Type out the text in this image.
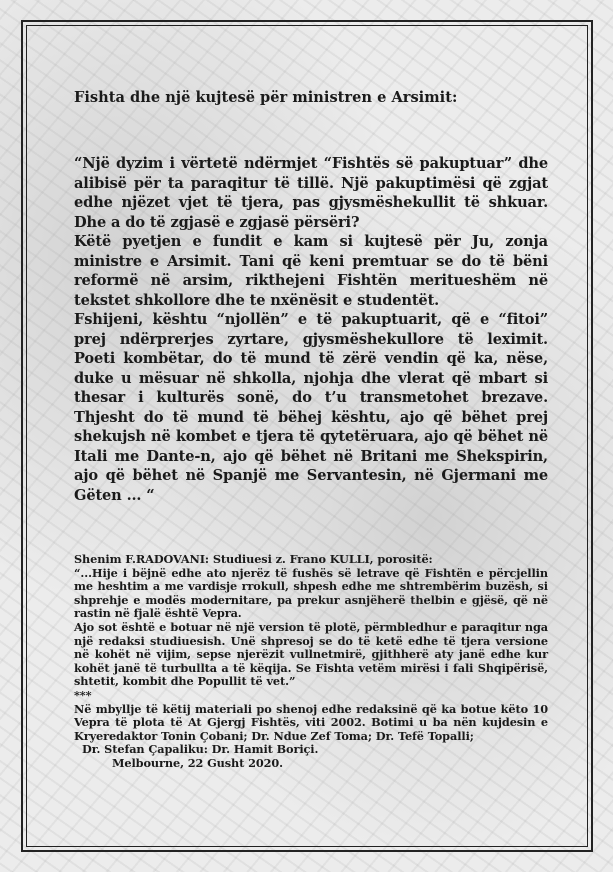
Fishta dhe një kujtesë për ministren e Arsimit:

“Një dyzim i vërtetë ndërmjet “Fishtës së pakuptuar” dhe alibisë për ta paraqitur të tillë. Një pakuptimësi që zgjat edhe njëzet vjet të tjera, pas gjysmëshekullit të shkuar. Dhe a do të zgjasë e zgjasë përsëri?

Këtë pyetjen e fundit e kam si kujtesë për Ju, zonja ministre e Arsimit. Tani që keni premtuar se do të bëni reformë në arsim, rikthejeni Fishtën meritueshëm në tekstet shkollore dhe te nxënësit e studentët.

Fshijeni, kështu “njollën” e të pakuptuarit, që e “fitoi” prej ndërprerjes zyrtare, gjysmëshekullore të leximit. Poeti kombëtar, do të mund të zërë vendin që ka, nëse, duke u mësuar në shkolla, njohja dhe vlerat që mbart si thesar i kulturës sonë, do t’u transmetohet brezave. Thjesht do të mund të bëhej kështu, ajo që bëhet prej shekujsh në kombet e tjera të qytetëruara, ajo që bëhet në Itali me Dante-n, ajo që bëhet në Britani me Shekspirin, ajo që bëhet në Spanjë me Servantesin, në Gjermani me Gëten ... “

Shenim F.RADOVANI: Studiuesi z. Frano KULLI, porositë:

“...Hije i bëjnë edhe ato njerëz të fushës së letrave që Fishtën e përcjellin me heshtim a me vardisje rrokull, shpesh edhe me shtrembërim buzësh, si shprehje e modës modernitare, pa prekur asnjëherë thelbin e gjësë, që në rastin në fjalë është Vepra.

Ajo sot është e botuar në një version të plotë, përmbledhur e paraqitur nga një redaksi studiuesish. Unë shpresoj se do të ketë edhe të tjera versione në kohët në vijim, sepse njerëzit vullnetmirë, gjithherë aty janë edhe kur kohët janë të turbullta a të këqija. Se Fishta vetëm mirësi i fali Shqipërisë, shtetit, kombit dhe Popullit të vet.”

***

Në mbyllje të këtij materiali po shenoj edhe redaksinë që ka botue këto 10 Vepra të plota të At Gjergj Fishtës, viti 2002. Botimi u ba nën kujdesin e Kryeredaktor Tonin Çobani; Dr. Ndue Zef Toma; Dr. Tefë Topalli;

Dr. Stefan Çapaliku: Dr. Hamit Boriçi.

Melbourne, 22 Gusht 2020.
